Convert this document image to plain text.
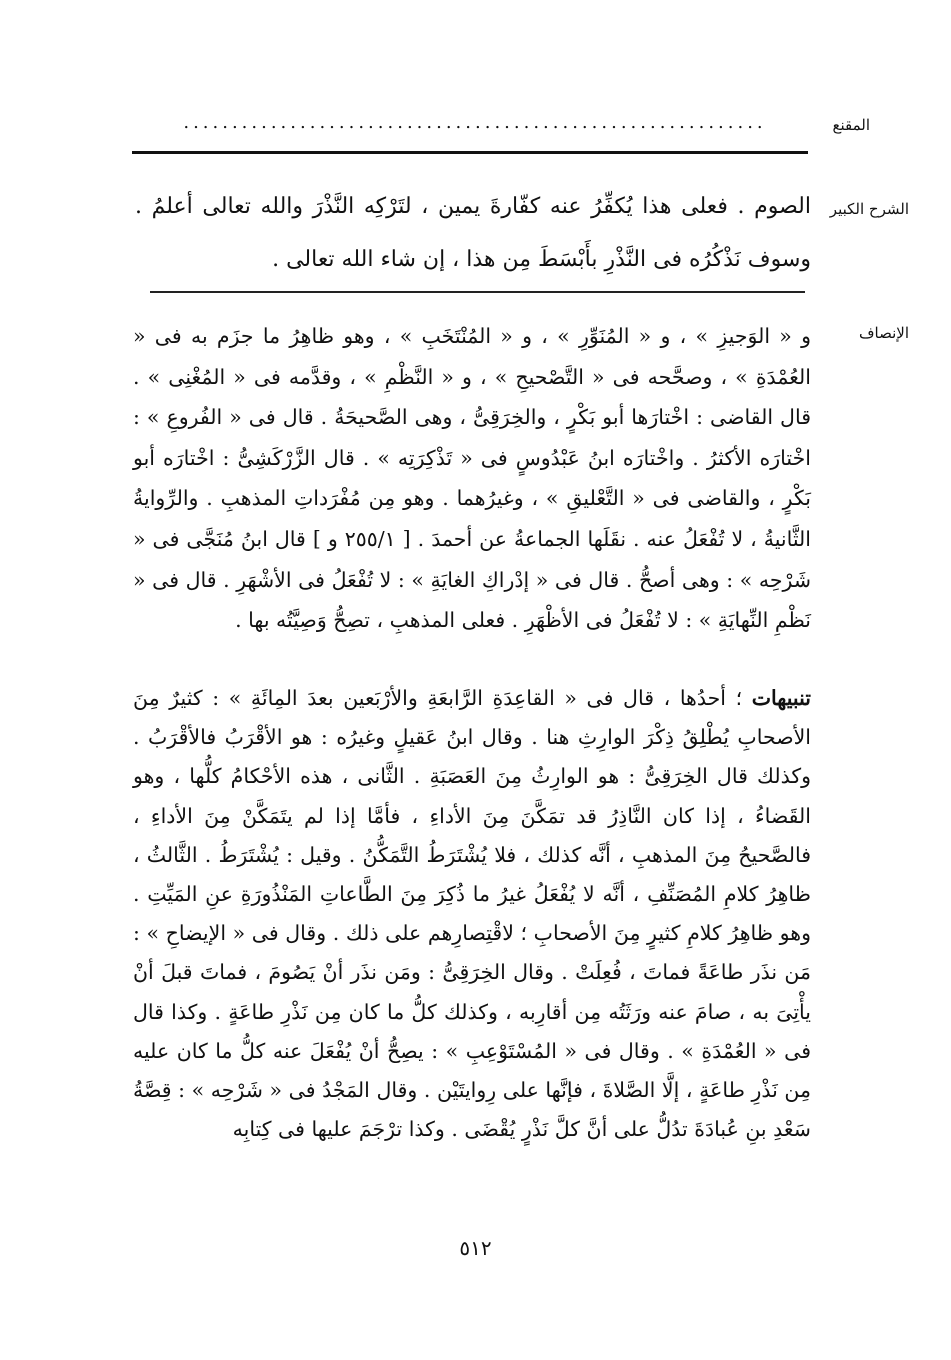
المقنع
............................................................
الشرح الكبير

الصوم . فعلى هذا يُكفِّرُ عنه كفّارةَ يمين ، لتَرْكِه النَّذْرَ والله تعالى أعلمُ . وسوف نَذْكُرُه فى النَّذْرِ بأَبْسَطَ مِن هذا ، إن شاء الله تعالى .

الإنصاف

و « الوَجيزِ » ، و « المُنَوِّرِ » ، و « المُنْتَخَبِ » ، وهو ظاهِرُ ما جزَم به فى « العُمْدَةِ » ، وصحَّحه فى « التَّصْحيحِ » ، و « النَّظْمِ » ، وقدَّمه فى « المُغْنِى » . قال القاضى : اخْتارَها أبو بَكْرٍ ، والخِرَقِىُّ ، وهى الصَّحيحَةُ . قال فى « الفُروعِ » : اخْتارَه الأكثرُ . واخْتارَه ابنُ عَبْدُوسٍ فى « تَذْكِرَتِه » . قال الزَّرْكَشِىُّ : اخْتارَه أبو بَكْرٍ ، والقاضى فى « التَّعْليقِ » ، وغيرُهما . وهو مِن مُفْرَداتِ المذهبِ . والرِّوايةُ الثَّانيةُ ، لا تُفْعَلُ عنه . نقَلَها الجماعةُ عن أحمدَ . [ ٢٥٥/١ و ] قال ابنُ مُنَجَّى فى « شَرْحِه » : وهى أصحُّ . قال فى « إدْراكِ الغايَةِ » : لا تُفْعَلُ فى الأشْهَرِ . قال فى « نَظْمِ النِّهايَةِ » : لا تُفْعَلُ فى الأظْهَرِ . فعلى المذهبِ ، تصِحُّ وَصِيَّتُه بها .

تنبيهات ؛ أحدُها ، قال فى « القاعِدَةِ الرَّابعَةِ والأرْبَعين بعدَ المِائَةِ » : كثيرٌ مِنَ الأصحابِ يُطْلِقُ ذِكْرَ الوارِثِ هنا . وقال ابنُ عَقيلٍ وغيرُه : هو الأقْرَبُ فالأقْرَبُ . وكذلك قال الخِرَقِىُّ : هو الوارِثُ مِنَ العَصَبَةِ . الثَّانى ، هذه الأحْكامُ كلُّها ، وهو القَضاءُ ، إذا كان النَّاذِرُ قد تمَكَّنَ مِنَ الأداءِ ، فأمَّا إذا لم يتَمَكَّنْ مِنَ الأداءِ ، فالصَّحيحُ مِنَ المذهبِ ، أنَّه كذلك ، فلا يُشْتَرَطُ التَّمَكُّنُ . وقيل : يُشْتَرَطُ . الثَّالثُ ، ظاهِرُ كلامِ المُصَنِّفِ ، أنَّه لا يُفْعَلُ غيرُ ما ذُكِرَ مِنَ الطَّاعاتِ المَنْذُورَةِ عنِ المَيِّتِ . وهو ظاهِرُ كلامِ كثيرٍ مِنَ الأصحابِ ؛ لاقْتِصارِهم على ذلك . وقال فى « الإيضاحِ » : مَن نذَر طاعَةً فماتَ ، فُعِلَتْ . وقال الخِرَقِىُّ : ومَن نذَر أنْ يَصُومَ ، فماتَ قبلَ أنْ يأْتِىَ به ، صامَ عنه ورَثَتُه مِن أقارِبه ، وكذلك كلُّ ما كان مِن نَذْرِ طاعَةٍ . وكذا قال فى « العُمْدَةِ » . وقال فى « المُسْتَوْعِبِ » : يصِحُّ أنْ يُفْعَلَ عنه كلُّ ما كان عليه مِن نَذْرِ طاعَةٍ ، إلَّا الصَّلاةَ ، فإنَّها على رِوايتَيْن . وقال المَجْدُ فى « شَرْحِه » : قِصَّةُ سَعْدِ بنِ عُبادَةَ تدُلُّ على أنَّ كلَّ نَذْرٍ يُقْضَى . وكذا ترْجَمَ عليها فى كِتابِه

٥١٢
